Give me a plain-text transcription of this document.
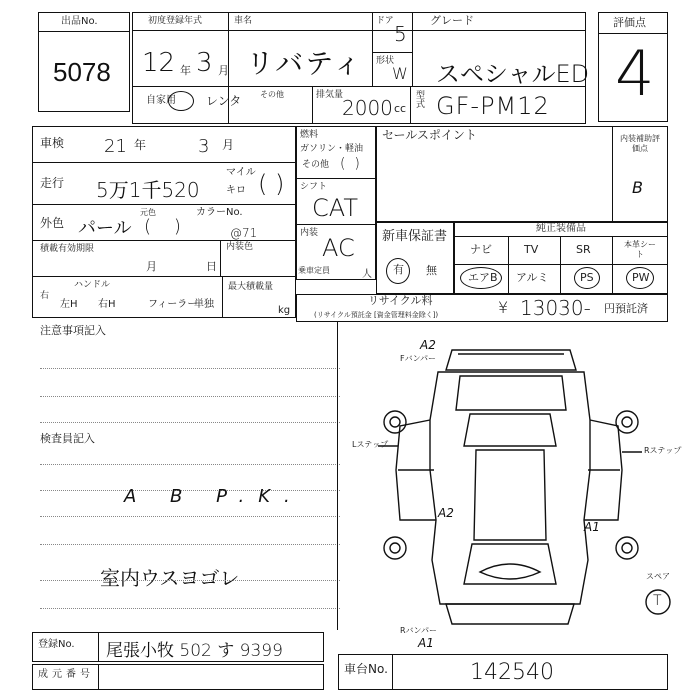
出品No.
5078
初度登録年式
12 年 3 月
車名
リバティ
自家用	レンタ その他	排気量
2000 cc
型式 GF-PM12
ドア
5
形状
W
グレード
スペシャルED
評価点
4
車検 21 年	3 月
走行 5万1千520
マイル
キロ ( )
外色 パール
元色
(    )
カラーNo.
@71
内装色
積載有効期限
月	日
ハンドル
右
左H 右H	フィーラー
単独
最大積載量
kg
燃料
ガソリン・軽油
その他 (  )
シフト
CAT
内装
AC
乗車定員	人
セールスポイント	内装補助評価点
B
新車保証書
有 無
純正装備品
ナビ	TV	SR	本革シート
エアB アルミ	PS	PW
リサイクル料
(リサイクル預託金 [資金管理料金除く])	¥ 13030- 円預託済
注意事項記入
検査員記入
A B P.K.
室内ウスヨゴレ
Fバンパー
A2
Lステップ
Rステップ
A2
A1
スペア
T
Rバンパー
A1
登録No. 尾張小牧 502 す 9399
成元番号	車台No.	142540
